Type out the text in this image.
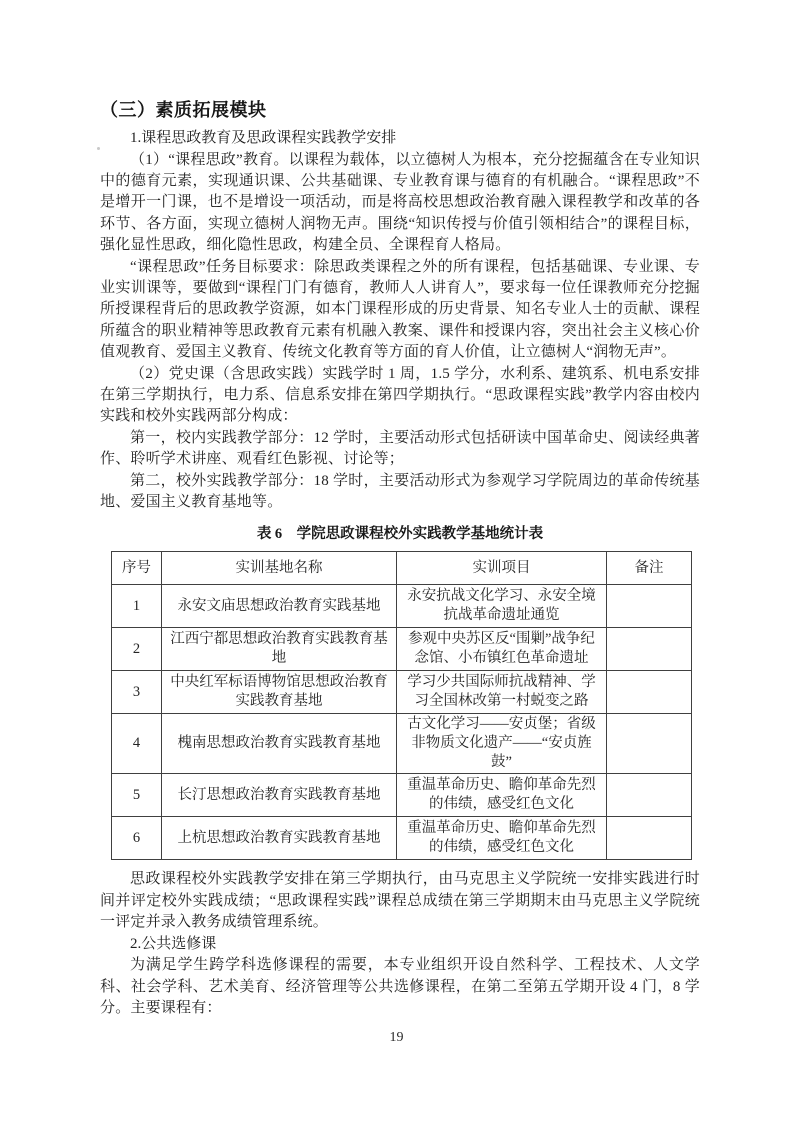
（三）素质拓展模块

1.课程思政教育及思政课程实践教学安排

（1）“课程思政”教育。以课程为载体，以立德树人为根本，充分挖掘蕴含在专业知识中的德育元素，实现通识课、公共基础课、专业教育课与德育的有机融合。“课程思政”不是增开一门课，也不是增设一项活动，而是将高校思想政治教育融入课程教学和改革的各环节、各方面，实现立德树人润物无声。围绕“知识传授与价值引领相结合”的课程目标，强化显性思政，细化隐性思政，构建全员、全课程育人格局。

“课程思政”任务目标要求：除思政类课程之外的所有课程，包括基础课、专业课、专业实训课等，要做到“课程门门有德育，教师人人讲育人”，要求每一位任课教师充分挖掘所授课程背后的思政教学资源，如本门课程形成的历史背景、知名专业人士的贡献、课程所蕴含的职业精神等思政教育元素有机融入教案、课件和授课内容，突出社会主义核心价值观教育、爱国主义教育、传统文化教育等方面的育人价值，让立德树人“润物无声”。

（2）党史课（含思政实践）实践学时 1 周，1.5 学分，水利系、建筑系、机电系安排在第三学期执行，电力系、信息系安排在第四学期执行。“思政课程实践”教学内容由校内实践和校外实践两部分构成：

第一，校内实践教学部分：12 学时，主要活动形式包括研读中国革命史、阅读经典著作、聆听学术讲座、观看红色影视、讨论等；

第二，校外实践教学部分：18 学时，主要活动形式为参观学习学院周边的革命传统基地、爱国主义教育基地等。

表 6　学院思政课程校外实践教学基地统计表

序号	实训基地名称	实训项目	备注
1	永安文庙思想政治教育实践基地	永安抗战文化学习、永安全境抗战革命遗址通览	
2	江西宁都思想政治教育实践教育基地	参观中央苏区反“围剿”战争纪念馆、小布镇红色革命遗址	
3	中央红军标语博物馆思想政治教育实践教育基地	学习少共国际师抗战精神、学习全国林改第一村蜕变之路	
4	槐南思想政治教育实践教育基地	古文化学习——安贞堡；省级非物质文化遗产——“安贞旌鼓”	
5	长汀思想政治教育实践教育基地	重温革命历史、瞻仰革命先烈的伟绩，感受红色文化	
6	上杭思想政治教育实践教育基地	重温革命历史、瞻仰革命先烈的伟绩，感受红色文化	

思政课程校外实践教学安排在第三学期执行，由马克思主义学院统一安排实践进行时间并评定校外实践成绩；“思政课程实践”课程总成绩在第三学期期末由马克思主义学院统一评定并录入教务成绩管理系统。

2.公共选修课

为满足学生跨学科选修课程的需要，本专业组织开设自然科学、工程技术、人文学科、社会学科、艺术美育、经济管理等公共选修课程，在第二至第五学期开设 4 门，8 学分。主要课程有：

19
